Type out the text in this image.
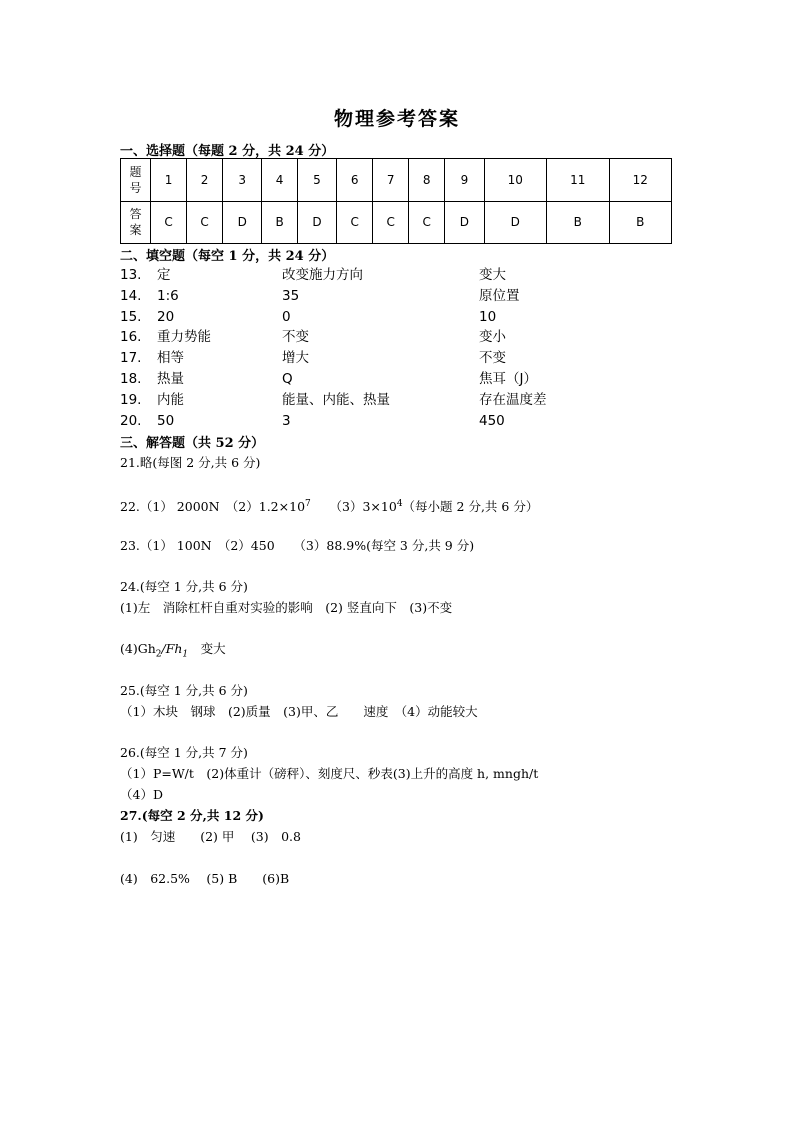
物理参考答案
一、选择题（每题 2 分，共 24 分）
题
号	1	2	3	4	5	6	7	8	9	10	11	12
答
案	C	C	D	B	D	C	C	C	D	D	B	B
二、填空题（每空 1 分，共 24 分）
13. 定	改变施力方向	变大
14. 1:6	35	原位置
15. 20	0	10
16. 重力势能	不变	变小
17. 相等	增大	不变
18. 热量	Q	焦耳（J）
19. 内能	能量、内能、热量	存在温度差
20. 50	3	450
三、解答题（共 52 分）
21.略(每图 2 分,共 6 分)
22.（1） 2000N　$(2)1.2\times 10^7$　　$(3)3\times 10^4$（每小题 2 分,共 6 分）
23.（1） 100N　（2）450　　（3）88.9%(每空 3 分,共 9 分)
24.(每空 1 分,共 6 分)
(1)左　消除杠杆自重对实验的影响　(2) 竖直向下　(3)不变
$(4)Gh_2/Fh_1$　变大
25.(每空 1 分,共 6 分)
（1）木块　钢球　(2)质量　(3)甲、乙　　速度　（4）动能较大
26.(每空 1 分,共 7 分)
（1）P=W/t　(2)体重计（磅秤）、刻度尺、秒表(3)上升的高度 h, mngh/t
（4）D
27.(每空 2 分,共 12 分)
(1)　匀速　　(2) 甲　 (3)　0.8
(4)　62.5%　 (5) B　　(6)B
